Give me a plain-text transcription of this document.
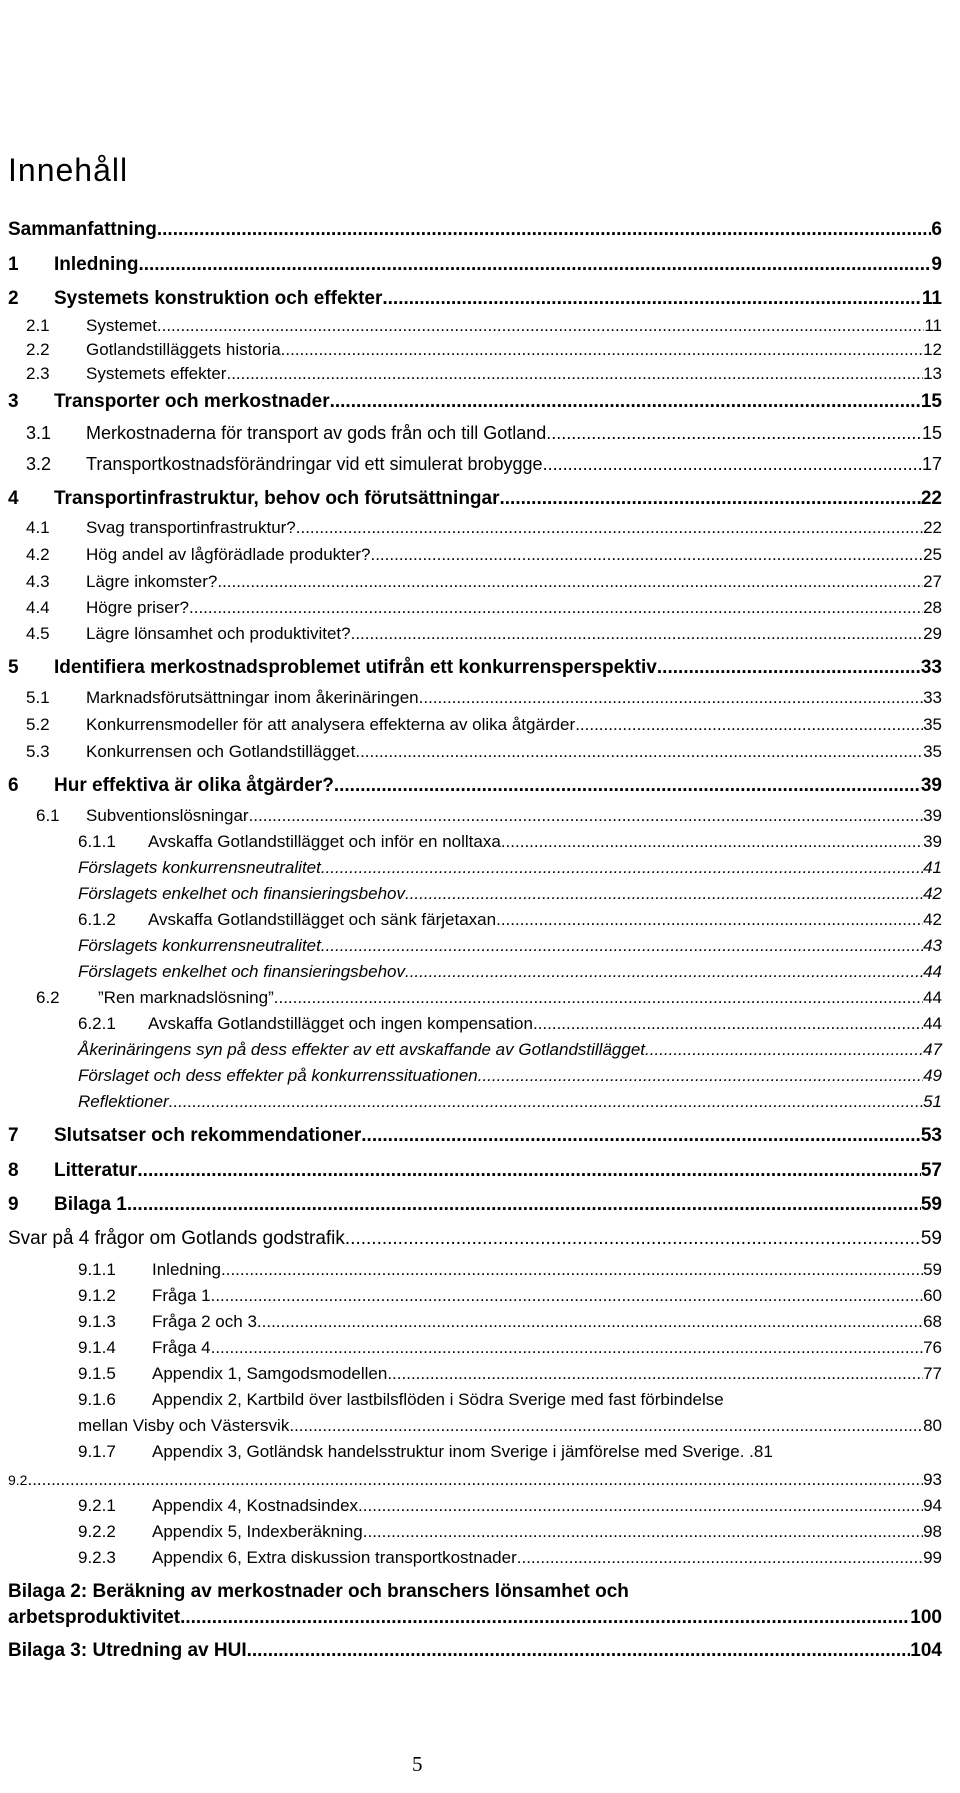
Innehåll
Sammanfattning .....	6
1	Inledning .....	9
2	Systemets konstruktion och effekter .....	11
2.1	Systemet. .....	11
2.2	Gotlandstilläggets historia. .....	12
2.3	Systemets effekter .....	13
3	Transporter och merkostnader .....	15
3.1	Merkostnaderna för transport av gods från och till Gotland .....	15
3.2	Transportkostnadsförändringar vid ett simulerat brobygge .....	17
4	Transportinfrastruktur, behov och förutsättningar .....	22
4.1	Svag transportinfrastruktur? .....	22
4.2	Hög andel av lågförädlade produkter? .....	25
4.3	Lägre inkomster? .....	27
4.4	Högre priser? .....	28
4.5	Lägre lönsamhet och produktivitet? .....	29
5	Identifiera merkostnadsproblemet utifrån ett konkurrensperspektiv .....	33
5.1	Marknadsförutsättningar inom åkerinäringen .....	33
5.2	Konkurrensmodeller för att analysera effekterna av olika åtgärder .....	35
5.3	Konkurrensen och Gotlandstillägget .....	35
6	Hur effektiva är olika åtgärder? .....	39
6.1	Subventionslösningar .....	39
6.1.1	Avskaffa Gotlandstillägget och inför en nolltaxa .....	39
Förslagets konkurrensneutralitet .....	41
Förslagets enkelhet och finansieringsbehov .....	42
6.1.2	Avskaffa Gotlandstillägget och sänk färjetaxan .....	42
Förslagets konkurrensneutralitet .....	43
Förslagets enkelhet och finansieringsbehov .....	44
6.2	”Ren marknadslösning” .....	44
6.2.1	Avskaffa Gotlandstillägget och ingen kompensation .....	44
Åkerinäringens syn på dess effekter av ett avskaffande av Gotlandstillägget .....	47
Förslaget och dess effekter på konkurrenssituationen .....	49
Reflektioner .....	51
7	Slutsatser och rekommendationer .....	53
8	Litteratur .....	57
9	Bilaga 1 .....	59
Svar på 4 frågor om Gotlands godstrafik .....	59
9.1.1	Inledning .....	59
9.1.2	Fråga 1 .....	60
9.1.3	Fråga 2 och 3 .....	68
9.1.4	Fråga 4 .....	76
9.1.5	Appendix 1, Samgodsmodellen .....	77
9.1.6	Appendix 2, Kartbild över lastbilsflöden i Södra Sverige med fast förbindelse
mellan Visby och Västersvik .....	80
9.1.7	Appendix 3, Gotländsk handelsstruktur inom Sverige i jämförelse med Sverige. . 81
9.2 .....	93
9.2.1	Appendix 4, Kostnadsindex .....	94
9.2.2	Appendix 5, Indexberäkning .....	98
9.2.3	Appendix 6, Extra diskussion transportkostnader .....	99
Bilaga 2: Beräkning av merkostnader och branschers lönsamhet och
arbetsproduktivitet .....	100
Bilaga 3: Utredning av HUI .....	104
5
